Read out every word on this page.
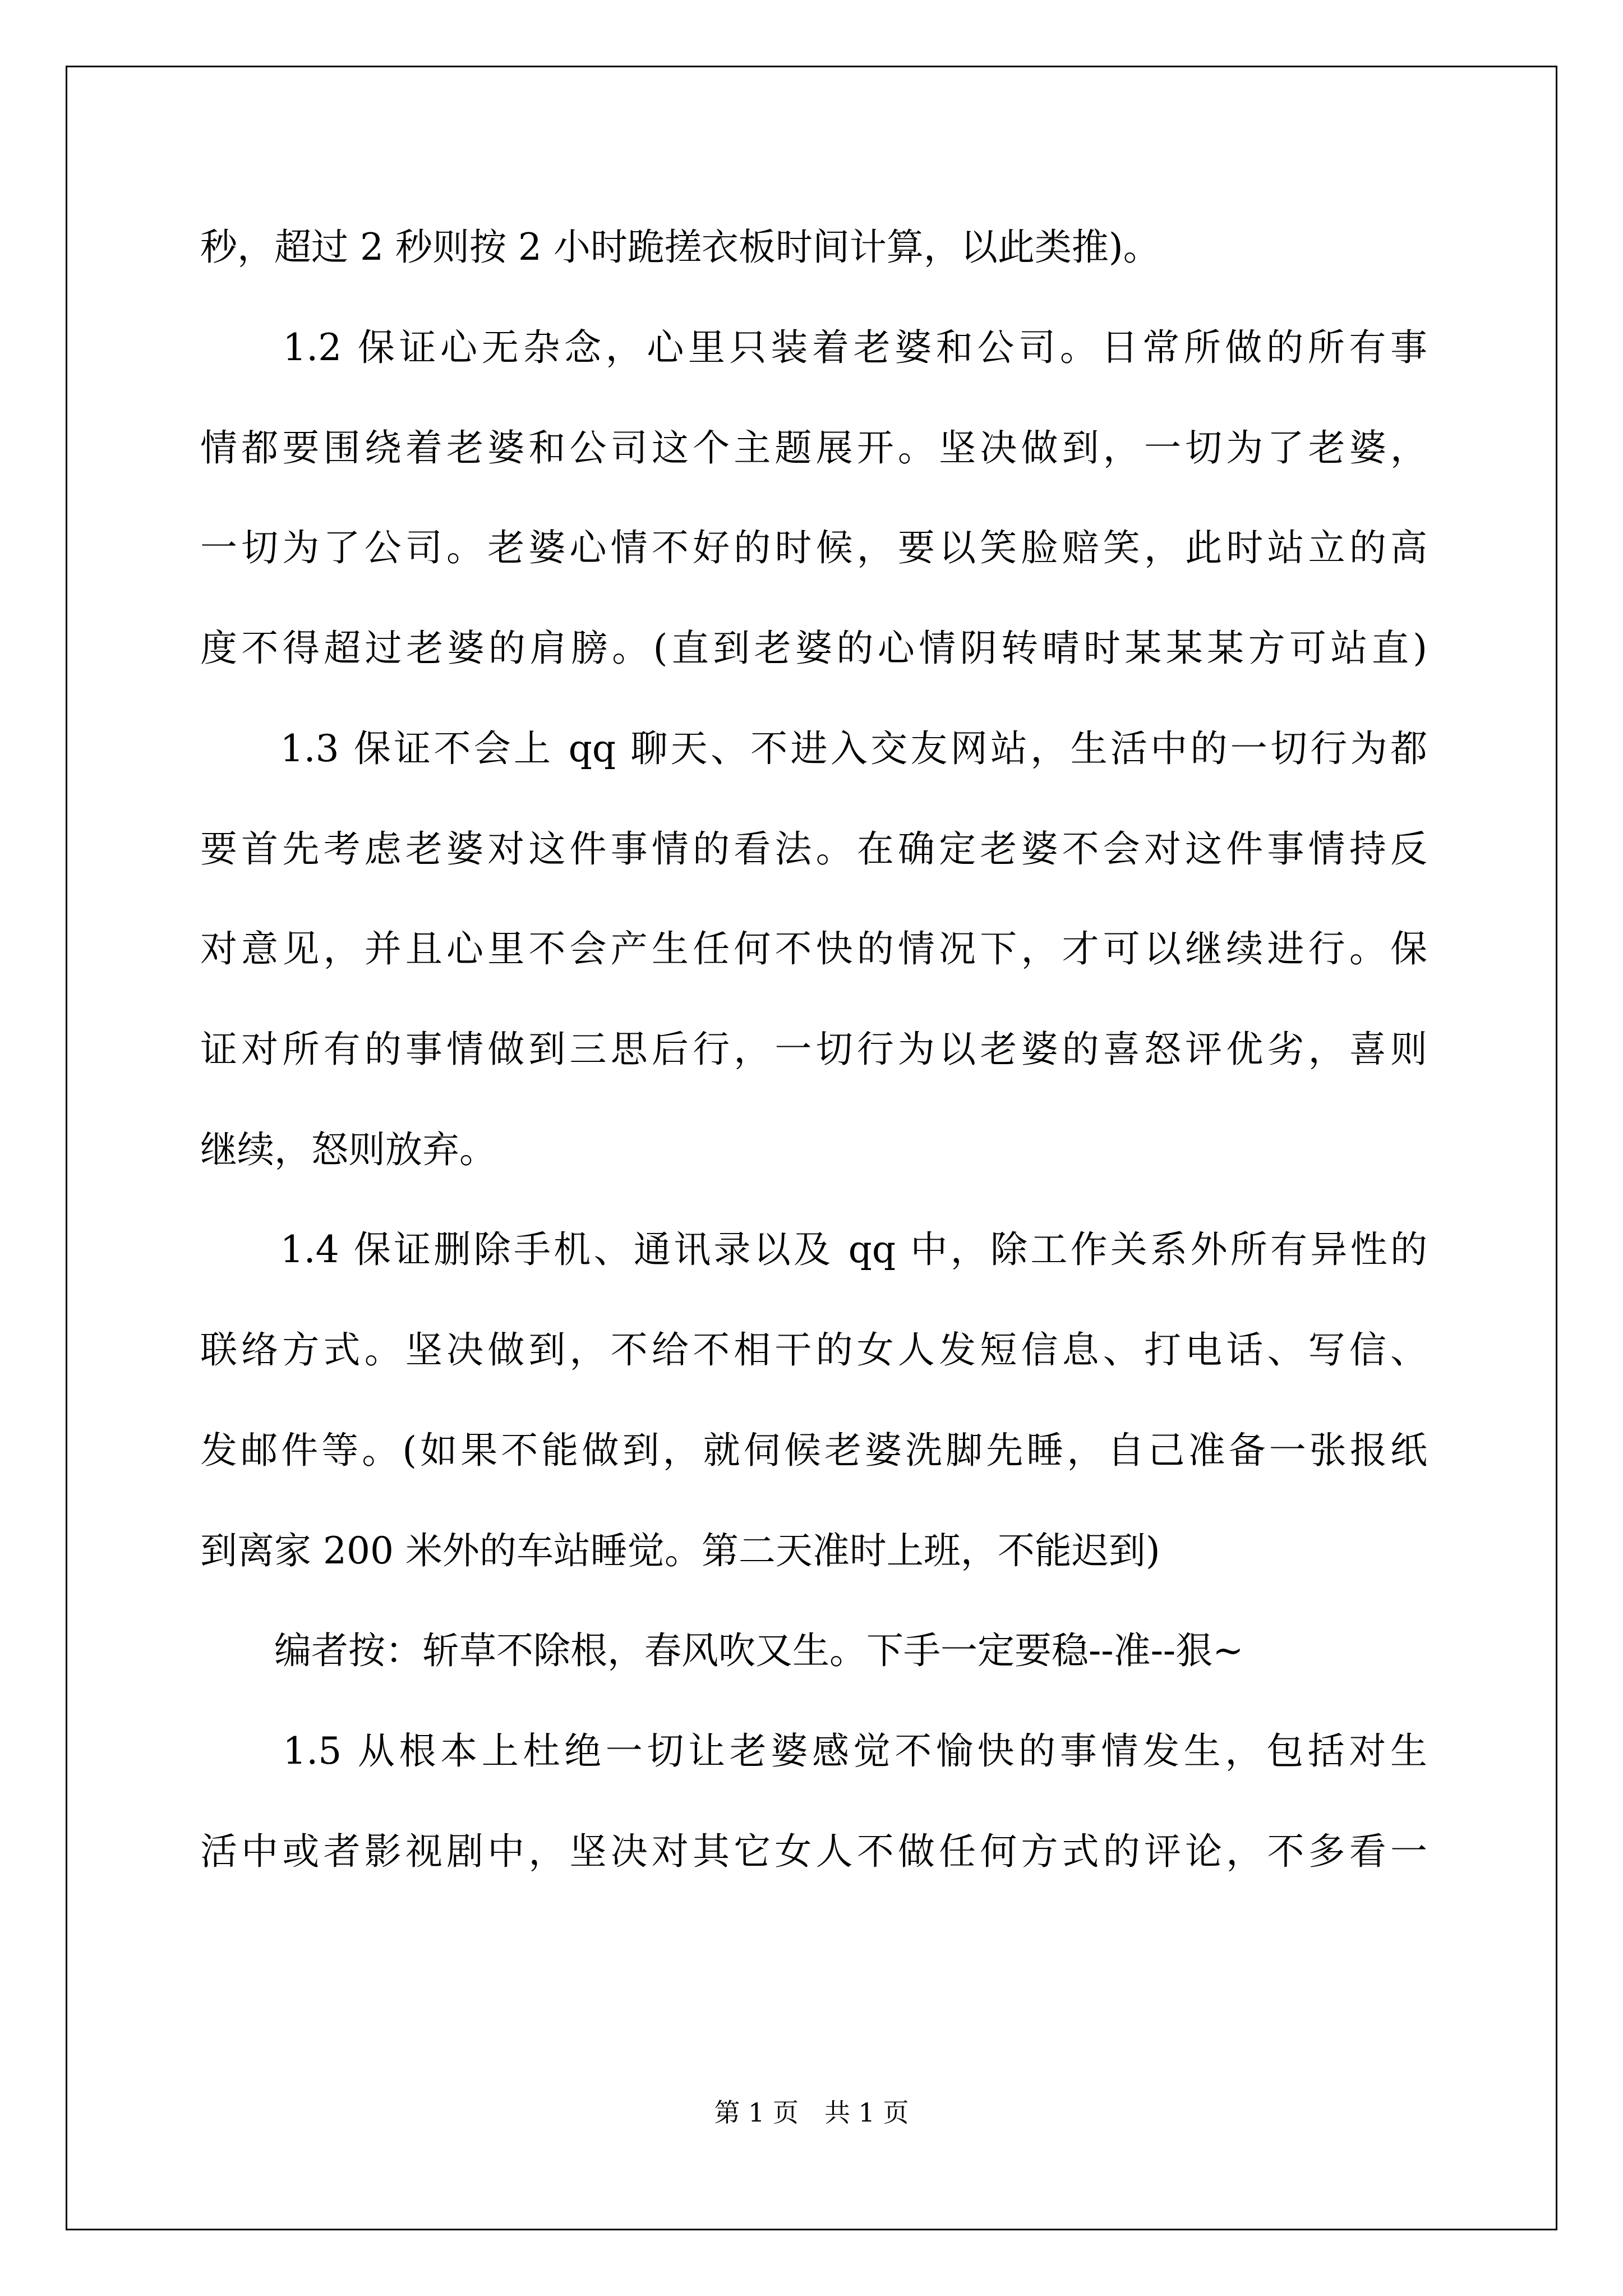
秒，超过 2 秒则按 2 小时跪搓衣板时间计算，以此类推)。
　　1.2 保证心无杂念，心里只装着老婆和公司。日常所做的所有事
情都要围绕着老婆和公司这个主题展开。坚决做到，一切为了老婆，
一切为了公司。老婆心情不好的时候，要以笑脸赔笑，此时站立的高
度不得超过老婆的肩膀。(直到老婆的心情阴转晴时某某某方可站直)
　　1.3 保证不会上 qq 聊天、不进入交友网站，生活中的一切行为都
要首先考虑老婆对这件事情的看法。在确定老婆不会对这件事情持反
对意见，并且心里不会产生任何不快的情况下，才可以继续进行。保
证对所有的事情做到三思后行，一切行为以老婆的喜怒评优劣，喜则
继续，怒则放弃。
　　1.4 保证删除手机、通讯录以及 qq 中，除工作关系外所有异性的
联络方式。坚决做到，不给不相干的女人发短信息、打电话、写信、
发邮件等。(如果不能做到，就伺候老婆洗脚先睡，自己准备一张报纸
到离家 200 米外的车站睡觉。第二天准时上班，不能迟到)
　　编者按：斩草不除根，春风吹又生。下手一定要稳--准--狠~
　　1.5 从根本上杜绝一切让老婆感觉不愉快的事情发生，包括对生
活中或者影视剧中，坚决对其它女人不做任何方式的评论，不多看一
第 1 页　共 1 页
